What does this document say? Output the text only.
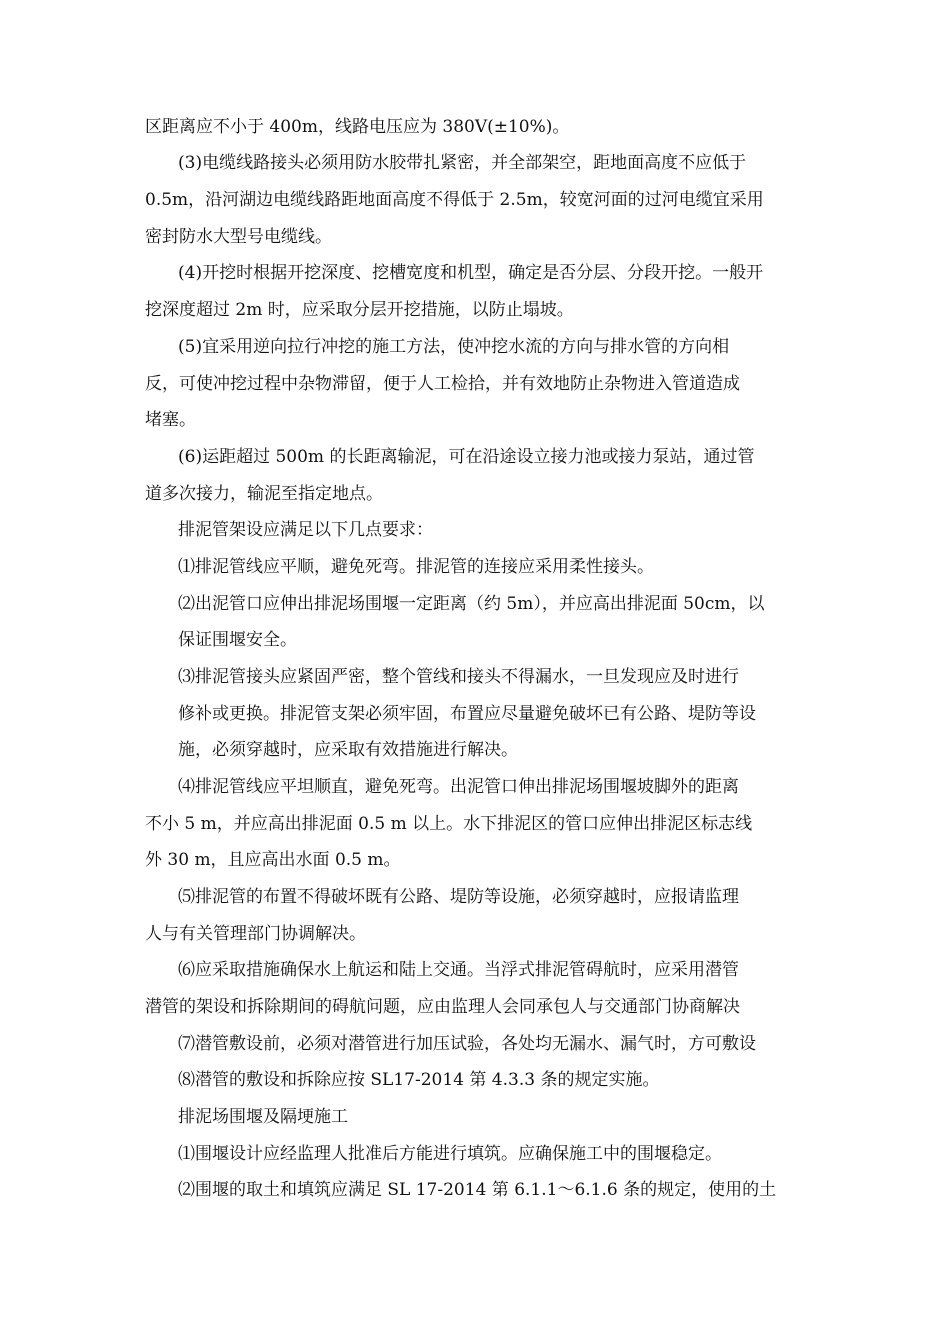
区距离应不小于 400m，线路电压应为 380V(±10%)。
(3)电缆线路接头必须用防水胶带扎紧密，并全部架空，距地面高度不应低于
0.5m，沿河湖边电缆线路距地面高度不得低于 2.5m，较宽河面的过河电缆宜采用
密封防水大型号电缆线。
(4)开挖时根据开挖深度、挖槽宽度和机型，确定是否分层、分段开挖。一般开
挖深度超过 2m 时，应采取分层开挖措施，以防止塌坡。
(5)宜采用逆向拉行冲挖的施工方法，使冲挖水流的方向与排水管的方向相
反，可使冲挖过程中杂物滞留，便于人工检拾，并有效地防止杂物进入管道造成
堵塞。
(6)运距超过 500m 的长距离输泥，可在沿途设立接力池或接力泵站，通过管
道多次接力，输泥至指定地点。
排泥管架设应满足以下几点要求：
⑴排泥管线应平顺，避免死弯。排泥管的连接应采用柔性接头。
⑵出泥管口应伸出排泥场围堰一定距离（约 5m），并应高出排泥面 50cm，以
保证围堰安全。
⑶排泥管接头应紧固严密，整个管线和接头不得漏水，一旦发现应及时进行
修补或更换。排泥管支架必须牢固，布置应尽量避免破坏已有公路、堤防等设
施，必须穿越时，应采取有效措施进行解决。
⑷排泥管线应平坦顺直，避免死弯。出泥管口伸出排泥场围堰坡脚外的距离
不小 5 m，并应高出排泥面 0.5 m 以上。水下排泥区的管口应伸出排泥区标志线
外 30 m，且应高出水面 0.5 m。
⑸排泥管的布置不得破坏既有公路、堤防等设施，必须穿越时，应报请监理
人与有关管理部门协调解决。
⑹应采取措施确保水上航运和陆上交通。当浮式排泥管碍航时，应采用潜管
潜管的架设和拆除期间的碍航问题，应由监理人会同承包人与交通部门协商解决
⑺潜管敷设前，必须对潜管进行加压试验，各处均无漏水、漏气时，方可敷设
⑻潜管的敷设和拆除应按 SL17-2014 第 4.3.3 条的规定实施。
排泥场围堰及隔埂施工
⑴围堰设计应经监理人批准后方能进行填筑。应确保施工中的围堰稳定。
⑵围堰的取土和填筑应满足 SL 17-2014 第 6.1.1～6.1.6 条的规定，使用的土
